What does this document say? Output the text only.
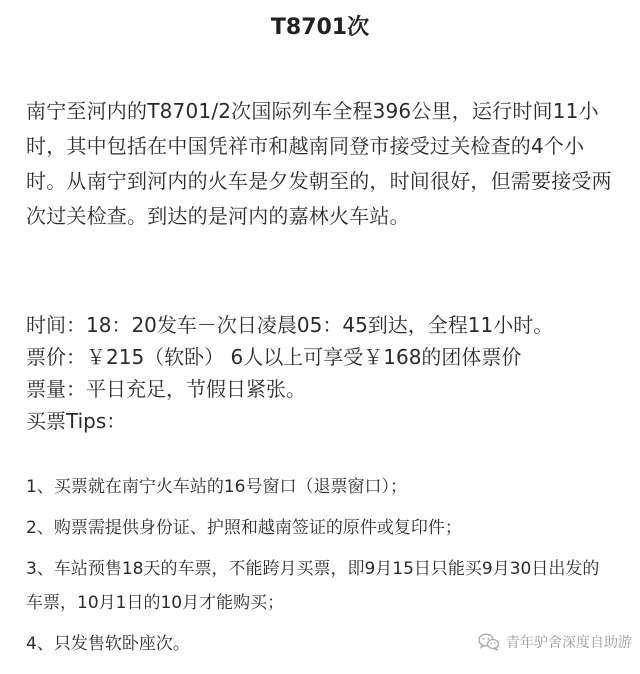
T8701次
南宁至河内的T8701/2次国际列车全程396公里，运行时间11小时，其中包括在中国凭祥市和越南同登市接受过关检查的4个小时。从南宁到河内的火车是夕发朝至的，时间很好，但需要接受两次过关检查。到达的是河内的嘉林火车站。
时间：18：20发车－次日凌晨05：45到达，全程11小时。
票价：￥215（软卧） 6人以上可享受￥168的团体票价
票量：平日充足，节假日紧张。
买票Tips：
1、买票就在南宁火车站的16号窗口（退票窗口）；
2、购票需提供身份证、护照和越南签证的原件或复印件；
3、车站预售18天的车票，不能跨月买票，即9月15日只能买9月30日出发的车票，10月1日的10月才能购买；
4、只发售软卧座次。	青年驴舍深度自助游
